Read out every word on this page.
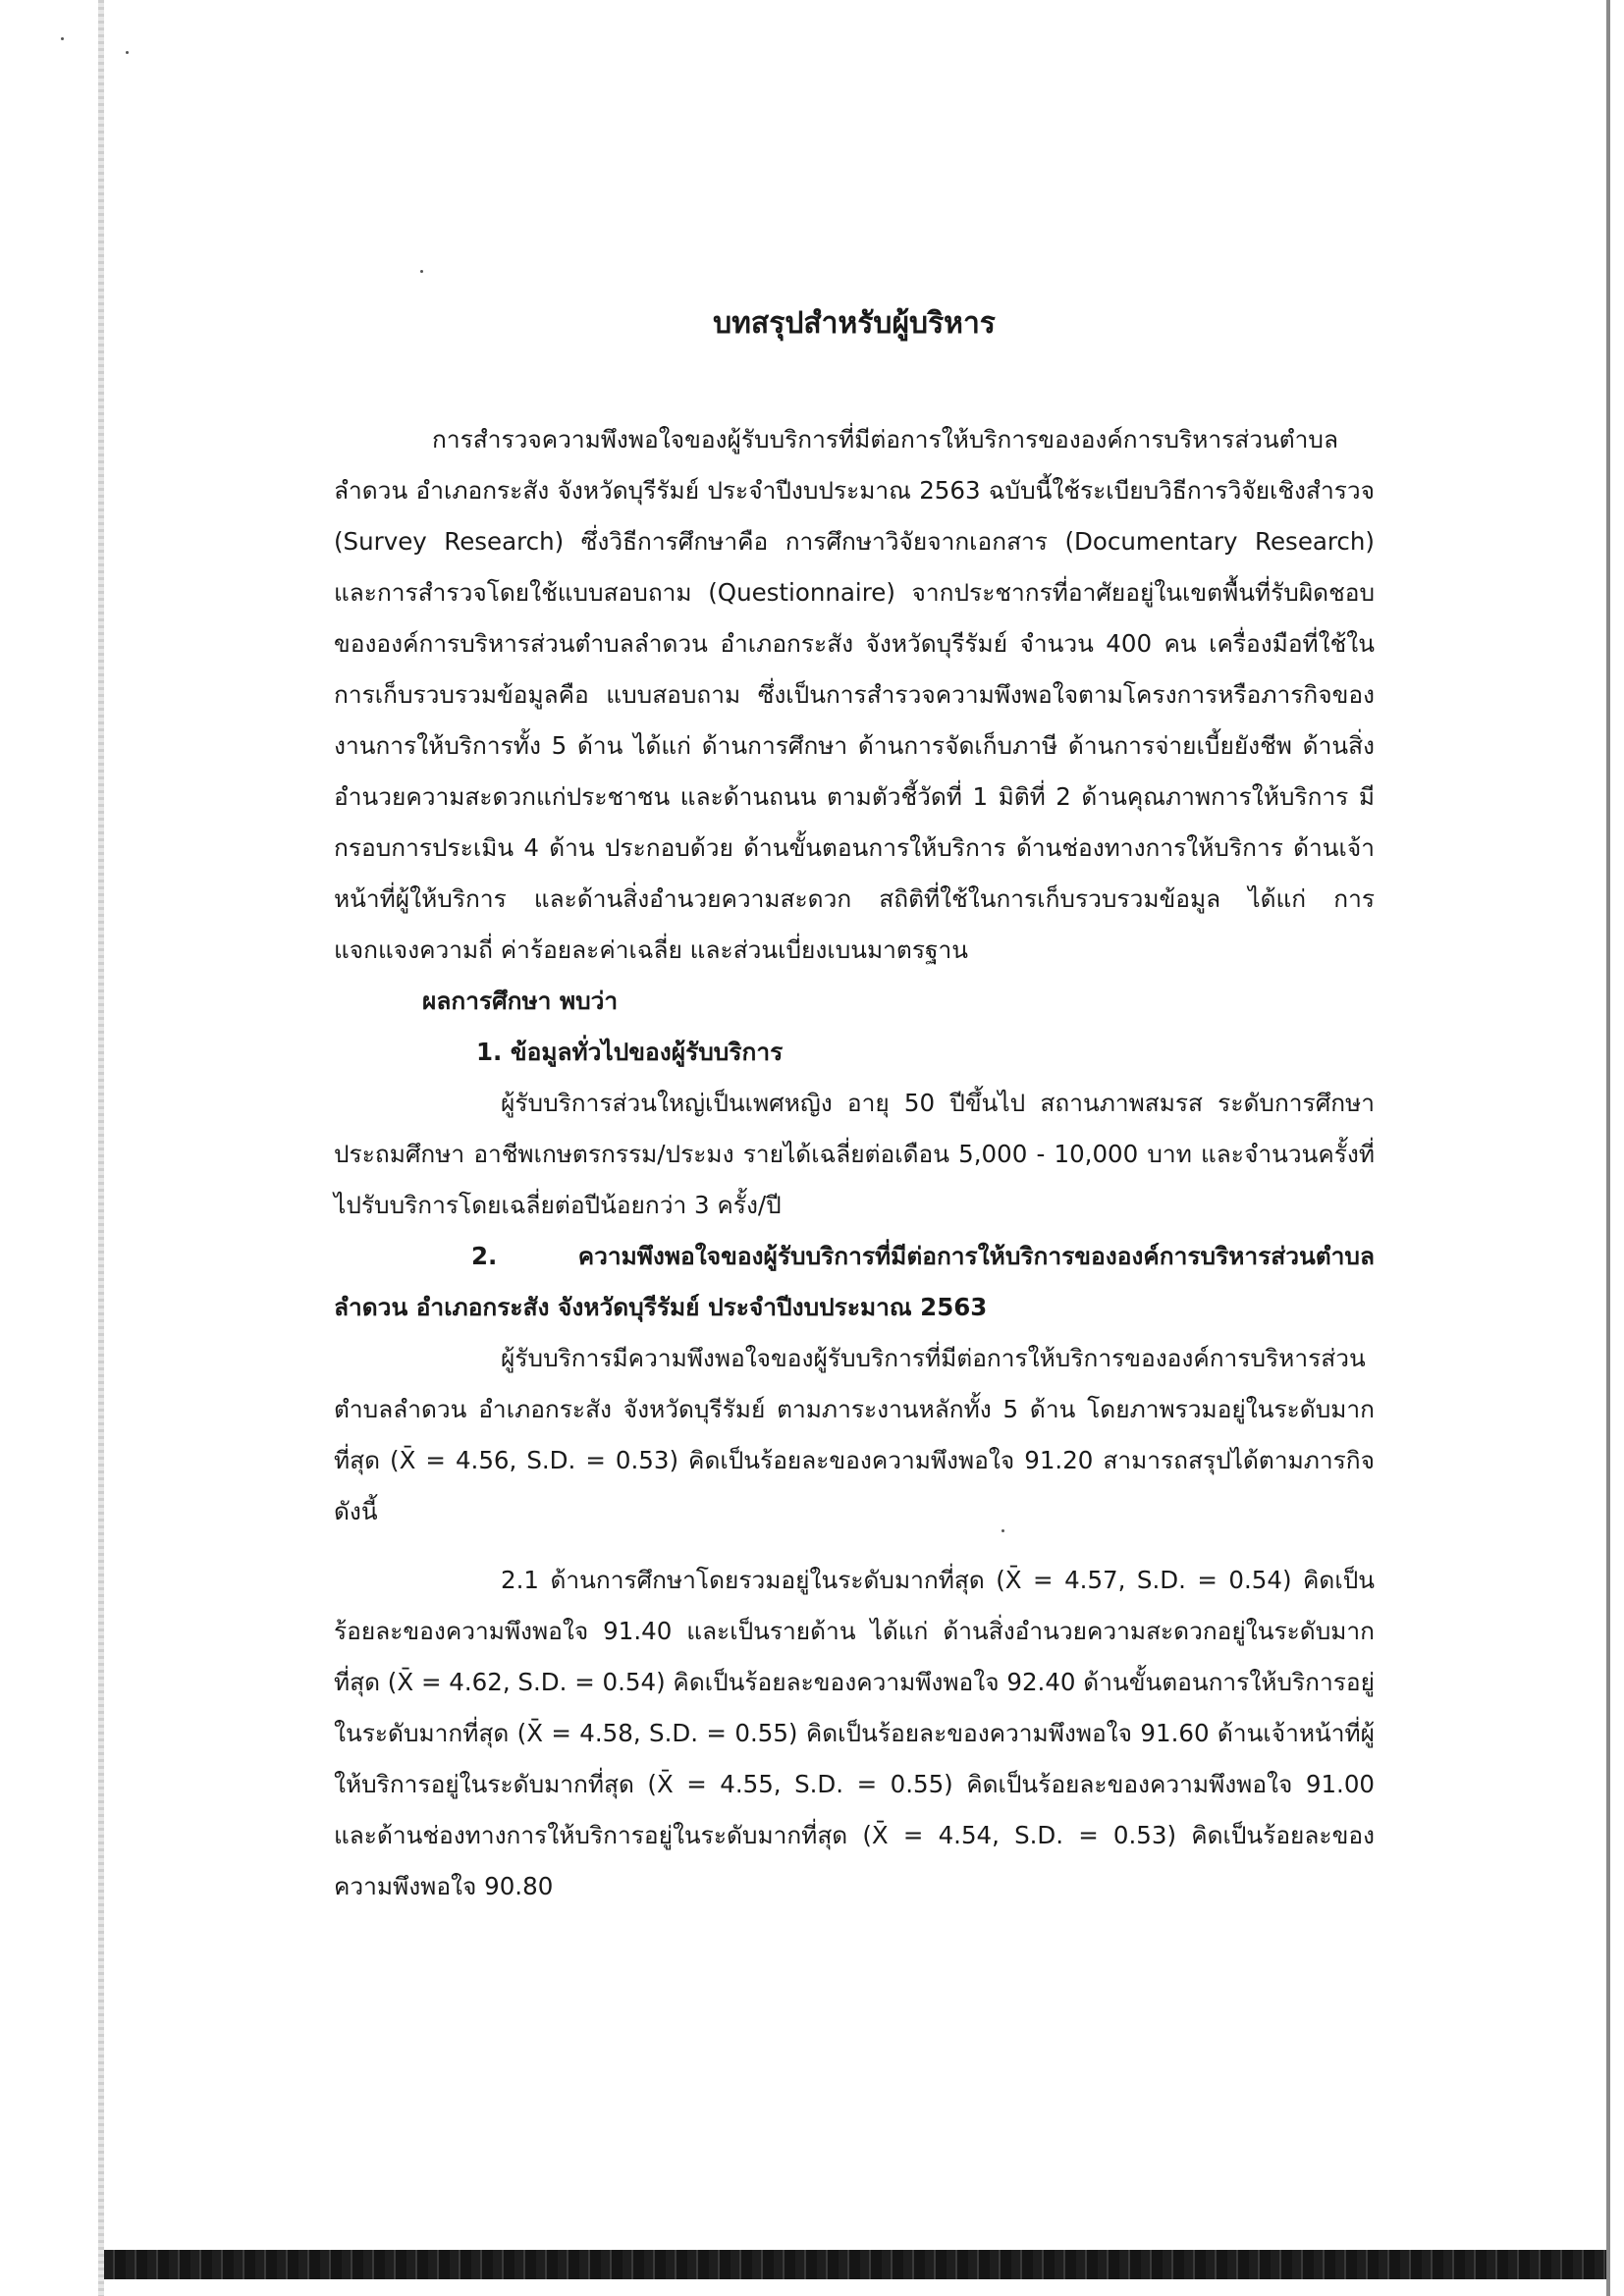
บทสรุปสำหรับผู้บริหาร

การสำรวจความพึงพอใจของผู้รับบริการที่มีต่อการให้บริการขององค์การบริหารส่วนตำบลลำดวน อำเภอกระสัง จังหวัดบุรีรัมย์ ประจำปีงบประมาณ 2563 ฉบับนี้ใช้ระเบียบวิธีการวิจัยเชิงสำรวจ (Survey Research) ซึ่งวิธีการศึกษาคือ การศึกษาวิจัยจากเอกสาร (Documentary Research) และการสำรวจโดยใช้แบบสอบถาม (Questionnaire) จากประชากรที่อาศัยอยู่ในเขตพื้นที่รับผิดชอบขององค์การบริหารส่วนตำบลลำดวน อำเภอกระสัง จังหวัดบุรีรัมย์ จำนวน 400 คน เครื่องมือที่ใช้ในการเก็บรวบรวมข้อมูลคือ แบบสอบถาม ซึ่งเป็นการสำรวจความพึงพอใจตามโครงการหรือภารกิจของงานการให้บริการทั้ง 5 ด้าน ได้แก่ ด้านการศึกษา ด้านการจัดเก็บภาษี ด้านการจ่ายเบี้ยยังชีพ ด้านสิ่งอำนวยความสะดวกแก่ประชาชน และด้านถนน ตามตัวชี้วัดที่ 1 มิติที่ 2 ด้านคุณภาพการให้บริการ มีกรอบการประเมิน 4 ด้าน ประกอบด้วย ด้านขั้นตอนการให้บริการ ด้านช่องทางการให้บริการ ด้านเจ้าหน้าที่ผู้ให้บริการ และด้านสิ่งอำนวยความสะดวก สถิติที่ใช้ในการเก็บรวบรวมข้อมูล ได้แก่ การแจกแจงความถี่ ค่าร้อยละค่าเฉลี่ย และส่วนเบี่ยงเบนมาตรฐาน

ผลการศึกษา พบว่า

1. ข้อมูลทั่วไปของผู้รับบริการ

ผู้รับบริการส่วนใหญ่เป็นเพศหญิง อายุ 50 ปีขึ้นไป สถานภาพสมรส ระดับการศึกษาประถมศึกษา อาชีพเกษตรกรรม/ประมง รายได้เฉลี่ยต่อเดือน 5,000 - 10,000 บาท และจำนวนครั้งที่ไปรับบริการโดยเฉลี่ยต่อปีน้อยกว่า 3 ครั้ง/ปี

2. ความพึงพอใจของผู้รับบริการที่มีต่อการให้บริการขององค์การบริหารส่วนตำบลลำดวน อำเภอกระสัง จังหวัดบุรีรัมย์ ประจำปีงบประมาณ 2563

ผู้รับบริการมีความพึงพอใจของผู้รับบริการที่มีต่อการให้บริการขององค์การบริหารส่วนตำบลลำดวน อำเภอกระสัง จังหวัดบุรีรัมย์ ตามภาระงานหลักทั้ง 5 ด้าน โดยภาพรวมอยู่ในระดับมากที่สุด (X̄ = 4.56, S.D. = 0.53) คิดเป็นร้อยละของความพึงพอใจ 91.20 สามารถสรุปได้ตามภารกิจ ดังนี้

2.1 ด้านการศึกษาโดยรวมอยู่ในระดับมากที่สุด (X̄ = 4.57, S.D. = 0.54) คิดเป็นร้อยละของความพึงพอใจ 91.40 และเป็นรายด้าน ได้แก่ ด้านสิ่งอำนวยความสะดวกอยู่ในระดับมากที่สุด (X̄ = 4.62, S.D. = 0.54) คิดเป็นร้อยละของความพึงพอใจ 92.40 ด้านขั้นตอนการให้บริการอยู่ในระดับมากที่สุด (X̄ = 4.58, S.D. = 0.55) คิดเป็นร้อยละของความพึงพอใจ 91.60 ด้านเจ้าหน้าที่ผู้ให้บริการอยู่ในระดับมากที่สุด (X̄ = 4.55, S.D. = 0.55) คิดเป็นร้อยละของความพึงพอใจ 91.00 และด้านช่องทางการให้บริการอยู่ในระดับมากที่สุด (X̄ = 4.54, S.D. = 0.53) คิดเป็นร้อยละของความพึงพอใจ 90.80
